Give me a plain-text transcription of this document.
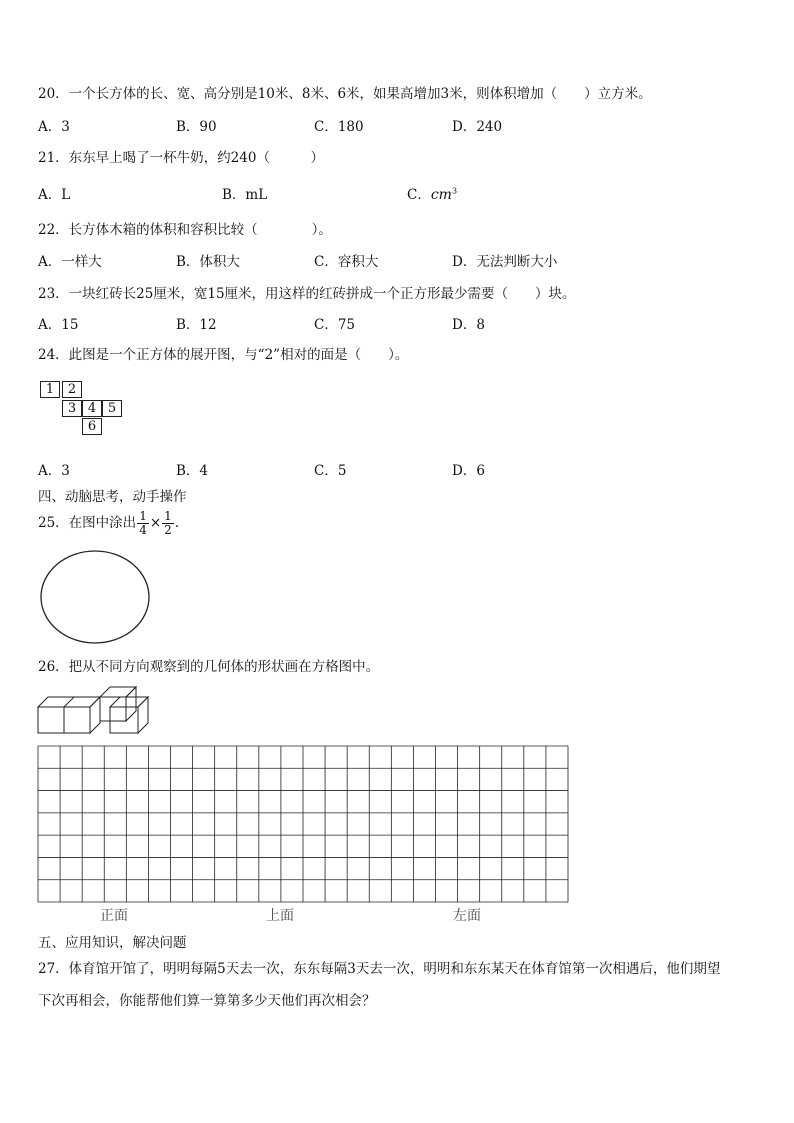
20．一个长方体的长、宽、高分别是10米、8米、6米，如果高增加3米，则体积增加（　　）立方米。
A．3	B．90	C．180	D．240
21．东东早上喝了一杯牛奶，约240（　　　）
A．L	B．mL	C．$cm^3$
22．长方体木箱的体积和容积比较（　　　　）。
A．一样大	B．体积大	C．容积大	D．无法判断大小
23．一块红砖长25厘米，宽15厘米，用这样的红砖拼成一个正方形最少需要（　　）块。
A．15	B．12	C．75	D．8
24．此图是一个正方体的展开图，与“2”相对的面是（　　）。
1	2
3 4 5
6
A．3	B．4	C．5	D．6
四、动脑思考，动手操作
25．在图中涂出 $\frac{1}{4} \times \frac{1}{2}$ .
26．把从不同方向观察到的几何体的形状画在方格图中。
正面	上面	左面
五、应用知识，解决问题
27．体育馆开馆了，明明每隔5天去一次，东东每隔3天去一次，明明和东东某天在体育馆第一次相遇后，他们期望
下次再相会，你能帮他们算一算第多少天他们再次相会？
